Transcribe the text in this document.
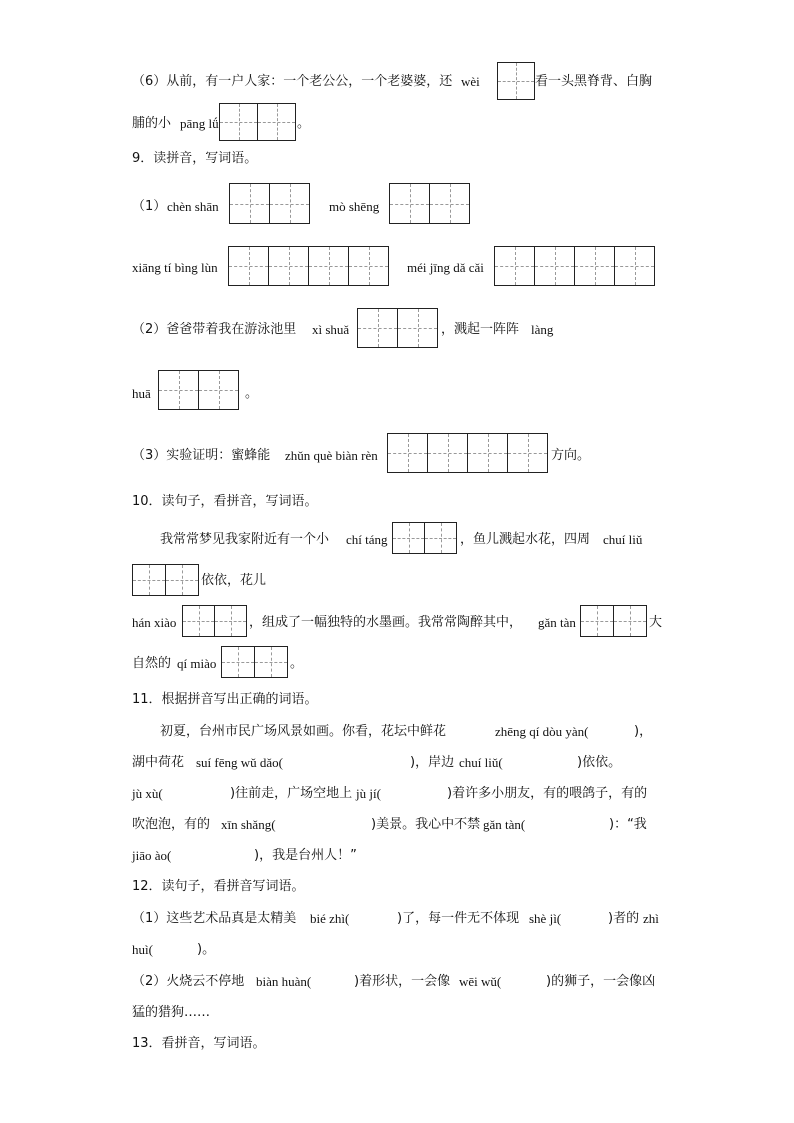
（6）从前，有一户人家：一个老公公，一个老婆婆，还 wèi	看一头黑脊背、白胸
脯的小 pāng lǘ	。
9．读拼音，写词语。
（1） chèn shān	mò shēng
xiāng tí bìng lùn	méi jīng dǎ cǎi
（2）爸爸带着我在游泳池里 xì shuǎ	，溅起一阵阵 làng
huā	。
（3）实验证明：蜜蜂能 zhǔn què biàn rèn	方向。
10．读句子，看拼音，写词语。
我常常梦见我家附近有一个小 chí táng	，鱼儿溅起水花，四周 chuí liǔ
依依，花儿
hán xiào	，组成了一幅独特的水墨画。我常常陶醉其中， gǎn tàn	大
自然的 qí miào	。
11．根据拼音写出正确的词语。
初夏，台州市民广场风景如画。你看，花坛中鲜花	zhēng qí dòu yàn(	)，
湖中荷花 suí fēng wǔ dǎo(	)，岸边 chuí liǔ(	)依依。
jù xù(	)往前走，广场空地上 jù jí(	)着许多小朋友，有的喂鸽子，有的
吹泡泡，有的 xīn shǎng(	)美景。我心中不禁 gǎn tàn(	)：“我
jiāo ào(	)，我是台州人！”
12．读句子，看拼音写词语。
（1）这些艺术品真是太精美 bié zhì(	)了，每一件无不体现 shè jì(	)者的 zhì
huì(	)。
（2）火烧云不停地 biàn huàn(	)着形状，一会像 wēi wǔ(	)的狮子，一会像凶
猛的猎狗……
13．看拼音，写词语。
